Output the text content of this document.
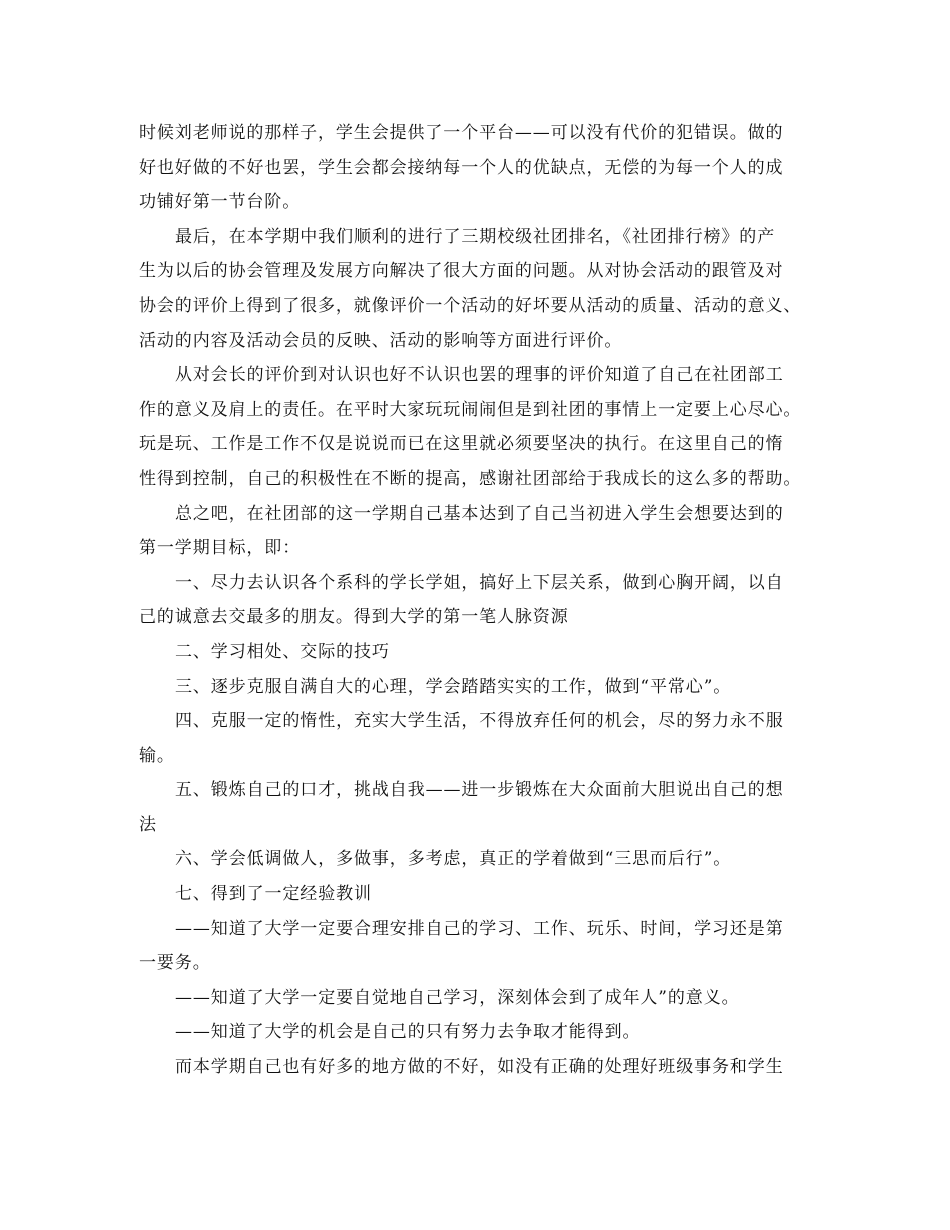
时候刘老师说的那样子，学生会提供了一个平台——可以没有代价的犯错误。做的
好也好做的不好也罢，学生会都会接纳每一个人的优缺点，无偿的为每一个人的成
功铺好第一节台阶。
最后，在本学期中我们顺利的进行了三期校级社团排名，《社团排行榜》的产
生为以后的协会管理及发展方向解决了很大方面的问题。从对协会活动的跟管及对
协会的评价上得到了很多，就像评价一个活动的好坏要从活动的质量、活动的意义、
活动的内容及活动会员的反映、活动的影响等方面进行评价。
从对会长的评价到对认识也好不认识也罢的理事的评价知道了自己在社团部工
作的意义及肩上的责任。在平时大家玩玩闹闹但是到社团的事情上一定要上心尽心。
玩是玩、工作是工作不仅是说说而已在这里就必须要坚决的执行。在这里自己的惰
性得到控制，自己的积极性在不断的提高，感谢社团部给于我成长的这么多的帮助。
总之吧，在社团部的这一学期自己基本达到了自己当初进入学生会想要达到的
第一学期目标，即：
一、尽力去认识各个系科的学长学姐，搞好上下层关系，做到心胸开阔，以自
己的诚意去交最多的朋友。得到大学的第一笔人脉资源
二、学习相处、交际的技巧
三、逐步克服自满自大的心理，学会踏踏实实的工作，做到“平常心”。
四、克服一定的惰性，充实大学生活，不得放弃任何的机会，尽的努力永不服
输。
五、锻炼自己的口才，挑战自我——进一步锻炼在大众面前大胆说出自己的想
法
六、学会低调做人，多做事，多考虑，真正的学着做到“三思而后行”。
七、得到了一定经验教训
——知道了大学一定要合理安排自己的学习、工作、玩乐、时间，学习还是第
一要务。
——知道了大学一定要自觉地自己学习，深刻体会到了成年人”的意义。
——知道了大学的机会是自己的只有努力去争取才能得到。
而本学期自己也有好多的地方做的不好，如没有正确的处理好班级事务和学生
